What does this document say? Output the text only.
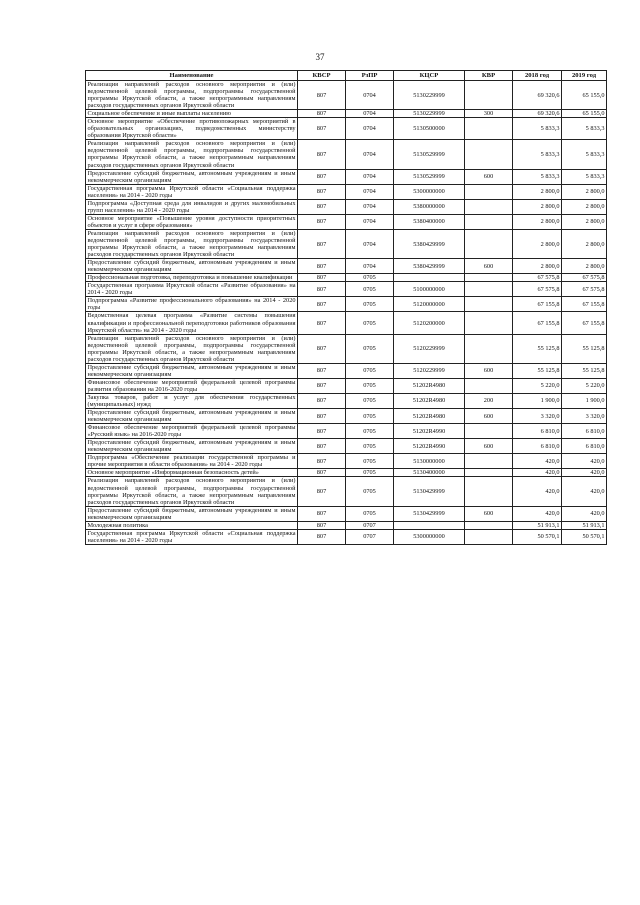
37
Наименование	КВСР	РзПР	КЦСР	КВР	2018 год	2019 год
Реализация направлений расходов основного мероприятия и (или) ведомственной целевой программы, подпрограммы государственной программы Иркутской области, а также непрограммным направлениям расходов государственных органов Иркутской области	807	0704	5130229999		69 320,6	65 155,0
Социальное обеспечение и иные выплаты населению	807	0704	5130229999	300	69 320,6	65 155,0
Основное мероприятие «Обеспечение противопожарных мероприятий в образовательных организациях, подведомственных министерству образования Иркутской области»	807	0704	5130500000		5 833,3	5 833,3
Реализация направлений расходов основного мероприятия и (или) ведомственной целевой программы, подпрограммы государственной программы Иркутской области, а также непрограммным направлениям расходов государственных органов Иркутской области	807	0704	5130529999		5 833,3	5 833,3
Предоставление субсидий бюджетным, автономным учреждениям и иным некоммерческим организациям	807	0704	5130529999	600	5 833,3	5 833,3
Государственная программа Иркутской области «Социальная поддержка населения» на 2014 - 2020 годы	807	0704	5300000000		2 800,0	2 800,0
Подпрограмма «Доступная среда для инвалидов и других маломобильных групп населения» на 2014 - 2020 годы	807	0704	5380000000		2 800,0	2 800,0
Основное мероприятие «Повышение уровня доступности приоритетных объектов и услуг в сфере образования»	807	0704	5380400000		2 800,0	2 800,0
Реализация направлений расходов основного мероприятия и (или) ведомственной целевой программы, подпрограммы государственной программы Иркутской области, а также непрограммным направлениям расходов государственных органов Иркутской области	807	0704	5380429999		2 800,0	2 800,0
Предоставление субсидий бюджетным, автономным учреждениям и иным некоммерческим организациям	807	0704	5380429999	600	2 800,0	2 800,0
Профессиональная подготовка, переподготовка и повышение квалификации	807	0705			67 575,8	67 575,8
Государственная программа Иркутской области «Развитие образования» на 2014 - 2020 годы	807	0705	5100000000		67 575,8	67 575,8
Подпрограмма «Развитие профессионального образования» на 2014 - 2020 годы	807	0705	5120000000		67 155,8	67 155,8
Ведомственная целевая программа «Развитие системы повышения квалификации и профессиональной переподготовки работников образования Иркутской области» на 2014 - 2020 годы	807	0705	5120200000		67 155,8	67 155,8
Реализация направлений расходов основного мероприятия и (или) ведомственной целевой программы, подпрограммы государственной программы Иркутской области, а также непрограммным направлениям расходов государственных органов Иркутской области	807	0705	5120229999		55 125,8	55 125,8
Предоставление субсидий бюджетным, автономным учреждениям и иным некоммерческим организациям	807	0705	5120229999	600	55 125,8	55 125,8
Финансовое обеспечение мероприятий федеральной целевой программы развития образования на 2016-2020 годы	807	0705	51202R4980		5 220,0	5 220,0
Закупка товаров, работ и услуг для обеспечения государственных (муниципальных) нужд	807	0705	51202R4980	200	1 900,0	1 900,0
Предоставление субсидий бюджетным, автономным учреждениям и иным некоммерческим организациям	807	0705	51202R4980	600	3 320,0	3 320,0
Финансовое обеспечение мероприятий федеральной целевой программы «Русский язык» на 2016-2020 годы	807	0705	51202R4990		6 810,0	6 810,0
Предоставление субсидий бюджетным, автономным учреждениям и иным некоммерческим организациям	807	0705	51202R4990	600	6 810,0	6 810,0
Подпрограмма «Обеспечение реализации государственной программы и прочие мероприятия в области образования» на 2014 - 2020 годы	807	0705	5130000000		420,0	420,0
Основное мероприятие «Информационная безопасность детей»	807	0705	5130400000		420,0	420,0
Реализация направлений расходов основного мероприятия и (или) ведомственной целевой программы, подпрограммы государственной программы Иркутской области, а также непрограммным направлениям расходов государственных органов Иркутской области	807	0705	5130429999		420,0	420,0
Предоставление субсидий бюджетным, автономным учреждениям и иным некоммерческим организациям	807	0705	5130429999	600	420,0	420,0
Молодежная политика	807	0707			51 913,1	51 913,1
Государственная программа Иркутской области «Социальная поддержка населения» на 2014 - 2020 годы	807	0707	5300000000		50 570,1	50 570,1
